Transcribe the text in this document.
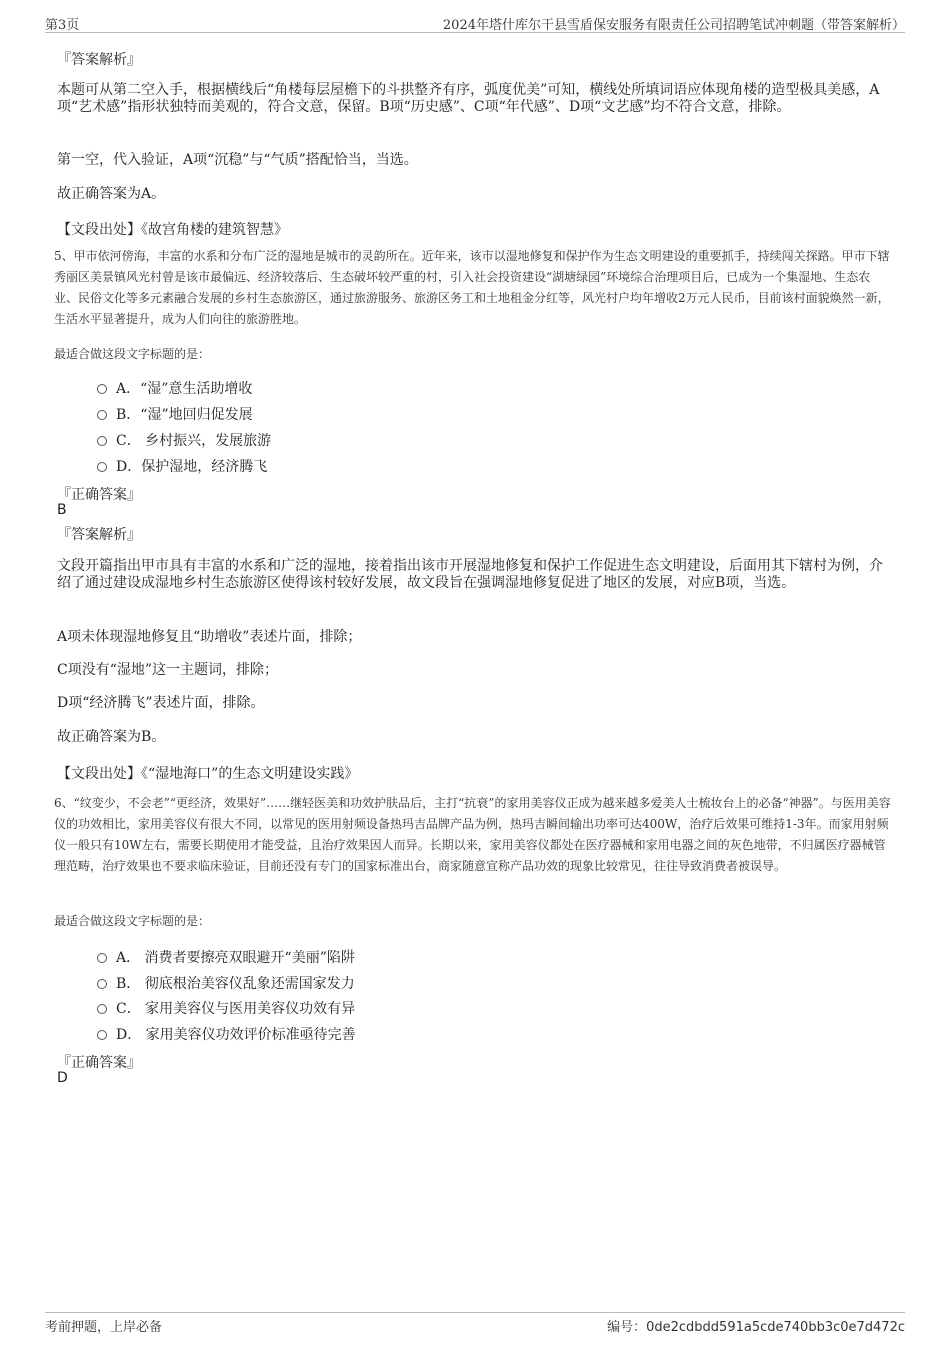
第3页	2024年塔什库尔干县雪盾保安服务有限责任公司招聘笔试冲刺题（带答案解析）
『答案解析』
本题可从第二空入手，根据横线后“角楼每层屋檐下的斗拱整齐有序，弧度优美”可知，横线处所填词语应体现角楼的造型极具美感，A项“艺术感”指形状独特而美观的，符合文意，保留。B项“历史感”、C项“年代感”、D项“文艺感”均不符合文意，排除。
第一空，代入验证，A项“沉稳”与“气质”搭配恰当，当选。
故正确答案为A。
【文段出处】《故宫角楼的建筑智慧》
5、甲市依河傍海，丰富的水系和分布广泛的湿地是城市的灵韵所在。近年来，该市以湿地修复和保护作为生态文明建设的重要抓手，持续闯关探路。甲市下辖秀丽区美景镇风光村曾是该市最偏远、经济较落后、生态破坏较严重的村，引入社会投资建设“湖塘绿园”环境综合治理项目后，已成为一个集湿地、生态农业、民俗文化等多元素融合发展的乡村生态旅游区，通过旅游服务、旅游区务工和土地租金分红等，风光村户均年增收2万元人民币，目前该村面貌焕然一新，生活水平显著提升，成为人们向往的旅游胜地。
最适合做这段文字标题的是：
A．“湿”意生活助增收
B．“湿”地回归促发展
C． 乡村振兴，发展旅游
D．保护湿地，经济腾飞
『正确答案』
B
『答案解析』
文段开篇指出甲市具有丰富的水系和广泛的湿地，接着指出该市开展湿地修复和保护工作促进生态文明建设，后面用其下辖村为例，介绍了通过建设成湿地乡村生态旅游区使得该村较好发展，故文段旨在强调湿地修复促进了地区的发展，对应B项，当选。
A项未体现湿地修复且“助增收”表述片面，排除；
C项没有“湿地”这一主题词，排除；
D项“经济腾飞”表述片面，排除。
故正确答案为B。
【文段出处】《“湿地海口”的生态文明建设实践》
6、“纹变少，不会老”“更经济，效果好”……继轻医美和功效护肤品后，主打“抗衰”的家用美容仪正成为越来越多爱美人士梳妆台上的必备“神器”。与医用美容仪的功效相比，家用美容仪有很大不同，以常见的医用射频设备热玛吉品牌产品为例，热玛吉瞬间输出功率可达400W，治疗后效果可维持1-3年。而家用射频仪一般只有10W左右，需要长期使用才能受益，且治疗效果因人而异。长期以来，家用美容仪都处在医疗器械和家用电器之间的灰色地带，不归属医疗器械管理范畴，治疗效果也不要求临床验证，目前还没有专门的国家标准出台，商家随意宣称产品功效的现象比较常见，往往导致消费者被误导。
最适合做这段文字标题的是：
A． 消费者要擦亮双眼避开“美丽”陷阱
B． 彻底根治美容仪乱象还需国家发力
C． 家用美容仪与医用美容仪功效有异
D． 家用美容仪功效评价标准亟待完善
『正确答案』
D
考前押题，上岸必备	编号：0de2cdbdd591a5cde740bb3c0e7d472c
